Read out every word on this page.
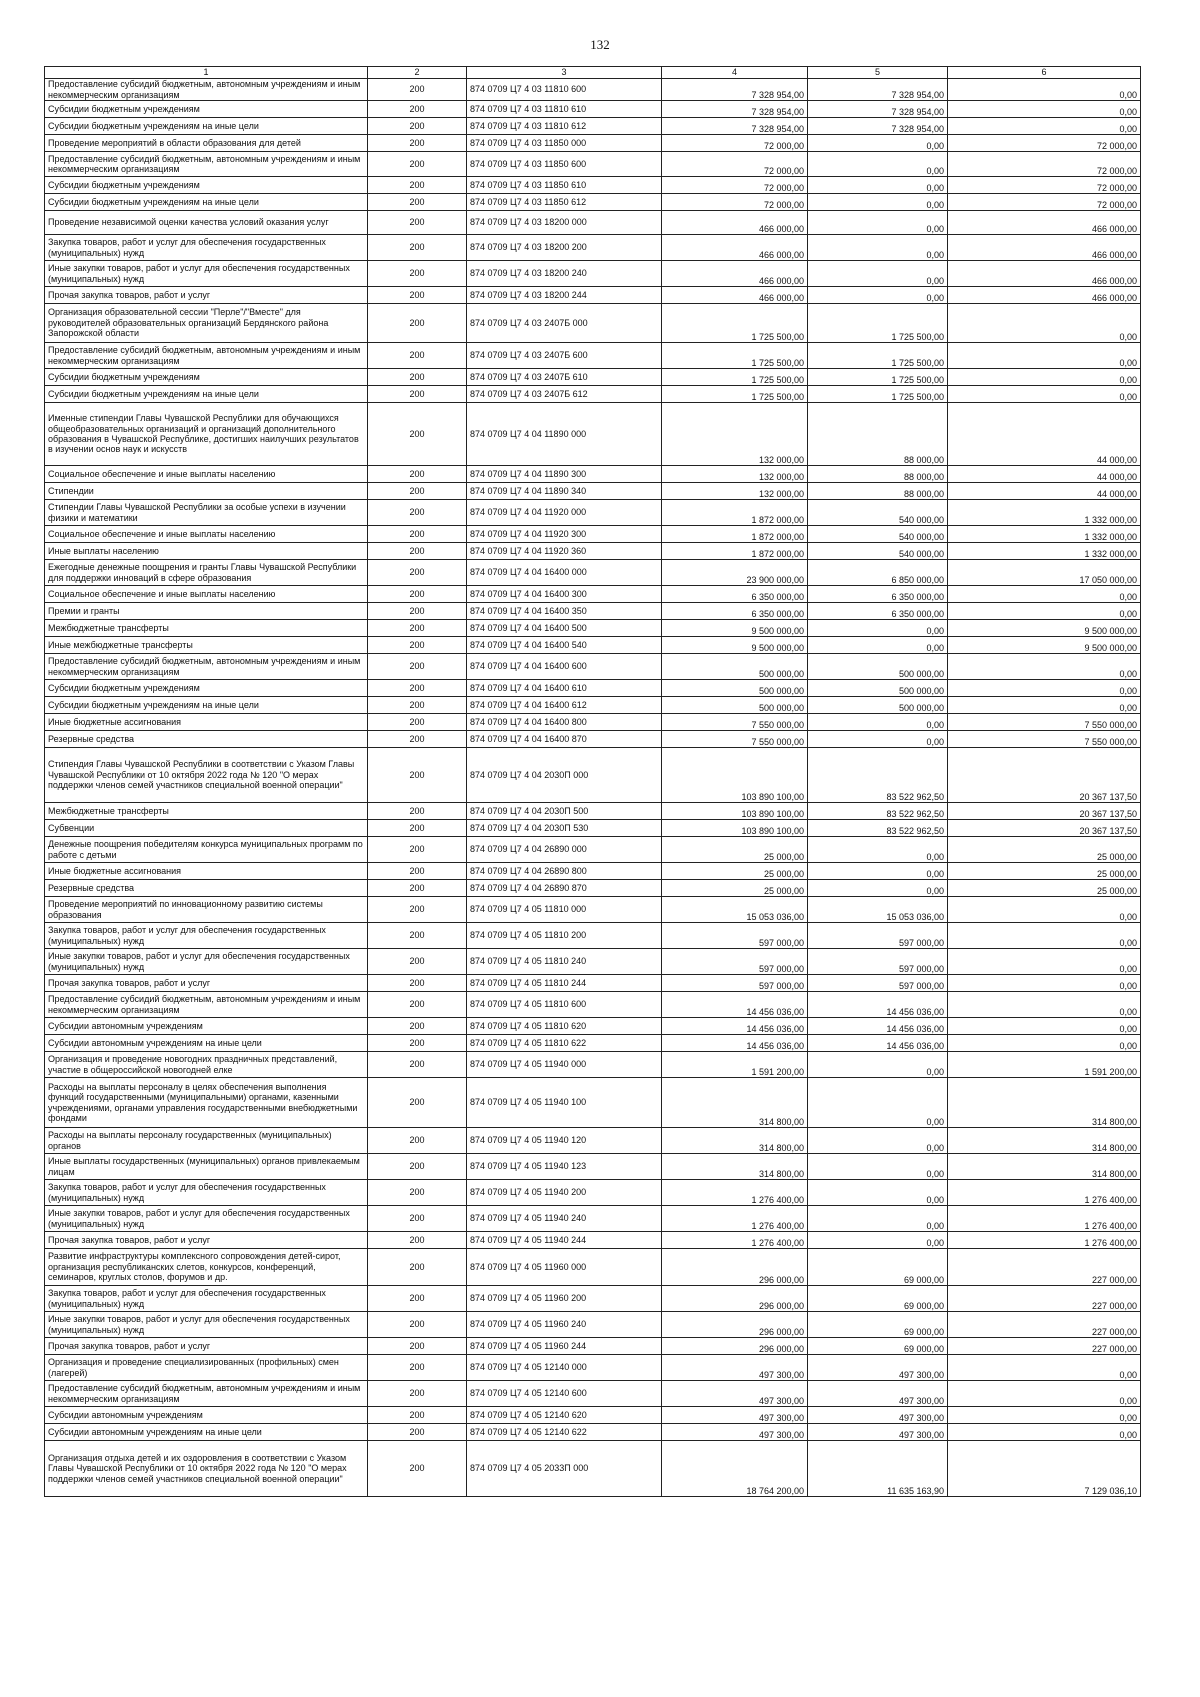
132
1	2	3	4	5	6

Предоставление субсидий бюджетным, автономным учреждениям и иным некоммерческим организациям	200	874 0709 Ц7 4 03 11810 600	7 328 954,00	7 328 954,00	0,00

Субсидии бюджетным учреждениям	200	874 0709 Ц7 4 03 11810 610	7 328 954,00	7 328 954,00	0,00

Субсидии бюджетным учреждениям на иные цели	200	874 0709 Ц7 4 03 11810 612	7 328 954,00	7 328 954,00	0,00

Проведение мероприятий в области образования для детей	200	874 0709 Ц7 4 03 11850 000	72 000,00	0,00	72 000,00

Предоставление субсидий бюджетным, автономным учреждениям и иным некоммерческим организациям	200	874 0709 Ц7 4 03 11850 600	72 000,00	0,00	72 000,00

Субсидии бюджетным учреждениям	200	874 0709 Ц7 4 03 11850 610	72 000,00	0,00	72 000,00

Субсидии бюджетным учреждениям на иные цели	200	874 0709 Ц7 4 03 11850 612	72 000,00	0,00	72 000,00

Проведение независимой оценки качества условий оказания услуг	200	874 0709 Ц7 4 03 18200 000	466 000,00	0,00	466 000,00

Закупка товаров, работ и услуг для обеспечения государственных (муниципальных) нужд	200	874 0709 Ц7 4 03 18200 200	466 000,00	0,00	466 000,00

Иные закупки товаров, работ и услуг для обеспечения государственных (муниципальных) нужд	200	874 0709 Ц7 4 03 18200 240	466 000,00	0,00	466 000,00

Прочая закупка товаров, работ и услуг	200	874 0709 Ц7 4 03 18200 244	466 000,00	0,00	466 000,00

Организация образовательной сессии "Перле"/"Вместе" для руководителей образовательных организаций Бердянского района Запорожской области	200	874 0709 Ц7 4 03 2407Б 000	1 725 500,00	1 725 500,00	0,00

Предоставление субсидий бюджетным, автономным учреждениям и иным некоммерческим организациям	200	874 0709 Ц7 4 03 2407Б 600	1 725 500,00	1 725 500,00	0,00

Субсидии бюджетным учреждениям	200	874 0709 Ц7 4 03 2407Б 610	1 725 500,00	1 725 500,00	0,00

Субсидии бюджетным учреждениям на иные цели	200	874 0709 Ц7 4 03 2407Б 612	1 725 500,00	1 725 500,00	0,00

Именные стипендии Главы Чувашской Республики для обучающихся общеобразовательных организаций и организаций дополнительного образования в Чувашской Республике, достигших наилучших результатов в изучении основ наук и искусств	200	874 0709 Ц7 4 04 11890 000	132 000,00	88 000,00	44 000,00

Социальное обеспечение и иные выплаты населению	200	874 0709 Ц7 4 04 11890 300	132 000,00	88 000,00	44 000,00

Стипендии	200	874 0709 Ц7 4 04 11890 340	132 000,00	88 000,00	44 000,00

Стипендии Главы Чувашской Республики за особые успехи в изучении физики и математики	200	874 0709 Ц7 4 04 11920 000	1 872 000,00	540 000,00	1 332 000,00

Социальное обеспечение и иные выплаты населению	200	874 0709 Ц7 4 04 11920 300	1 872 000,00	540 000,00	1 332 000,00

Иные выплаты населению	200	874 0709 Ц7 4 04 11920 360	1 872 000,00	540 000,00	1 332 000,00

Ежегодные денежные поощрения и гранты Главы Чувашской Республики для поддержки инноваций в сфере образования	200	874 0709 Ц7 4 04 16400 000	23 900 000,00	6 850 000,00	17 050 000,00

Социальное обеспечение и иные выплаты населению	200	874 0709 Ц7 4 04 16400 300	6 350 000,00	6 350 000,00	0,00

Премии и гранты	200	874 0709 Ц7 4 04 16400 350	6 350 000,00	6 350 000,00	0,00

Межбюджетные трансферты	200	874 0709 Ц7 4 04 16400 500	9 500 000,00	0,00	9 500 000,00

Иные межбюджетные трансферты	200	874 0709 Ц7 4 04 16400 540	9 500 000,00	0,00	9 500 000,00

Предоставление субсидий бюджетным, автономным учреждениям и иным некоммерческим организациям	200	874 0709 Ц7 4 04 16400 600	500 000,00	500 000,00	0,00

Субсидии бюджетным учреждениям	200	874 0709 Ц7 4 04 16400 610	500 000,00	500 000,00	0,00

Субсидии бюджетным учреждениям на иные цели	200	874 0709 Ц7 4 04 16400 612	500 000,00	500 000,00	0,00

Иные бюджетные ассигнования	200	874 0709 Ц7 4 04 16400 800	7 550 000,00	0,00	7 550 000,00

Резервные средства	200	874 0709 Ц7 4 04 16400 870	7 550 000,00	0,00	7 550 000,00

Стипендия Главы Чувашской Республики в соответствии с Указом Главы Чувашской Республики от 10 октября 2022 года № 120 "О мерах поддержки членов семей участников специальной военной операции"	200	874 0709 Ц7 4 04 2030П 000	103 890 100,00	83 522 962,50	20 367 137,50

Межбюджетные трансферты	200	874 0709 Ц7 4 04 2030П 500	103 890 100,00	83 522 962,50	20 367 137,50

Субвенции	200	874 0709 Ц7 4 04 2030П 530	103 890 100,00	83 522 962,50	20 367 137,50

Денежные поощрения победителям конкурса муниципальных программ по работе с детьми	200	874 0709 Ц7 4 04 26890 000	25 000,00	0,00	25 000,00

Иные бюджетные ассигнования	200	874 0709 Ц7 4 04 26890 800	25 000,00	0,00	25 000,00

Резервные средства	200	874 0709 Ц7 4 04 26890 870	25 000,00	0,00	25 000,00

Проведение мероприятий по инновационному развитию системы образования	200	874 0709 Ц7 4 05 11810 000	15 053 036,00	15 053 036,00	0,00

Закупка товаров, работ и услуг для обеспечения государственных (муниципальных) нужд	200	874 0709 Ц7 4 05 11810 200	597 000,00	597 000,00	0,00

Иные закупки товаров, работ и услуг для обеспечения государственных (муниципальных) нужд	200	874 0709 Ц7 4 05 11810 240	597 000,00	597 000,00	0,00

Прочая закупка товаров, работ и услуг	200	874 0709 Ц7 4 05 11810 244	597 000,00	597 000,00	0,00

Предоставление субсидий бюджетным, автономным учреждениям и иным некоммерческим организациям	200	874 0709 Ц7 4 05 11810 600	14 456 036,00	14 456 036,00	0,00

Субсидии автономным учреждениям	200	874 0709 Ц7 4 05 11810 620	14 456 036,00	14 456 036,00	0,00

Субсидии автономным учреждениям на иные цели	200	874 0709 Ц7 4 05 11810 622	14 456 036,00	14 456 036,00	0,00

Организация и проведение новогодних праздничных представлений, участие в общероссийской новогодней елке	200	874 0709 Ц7 4 05 11940 000	1 591 200,00	0,00	1 591 200,00

Расходы на выплаты персоналу в целях обеспечения выполнения функций государственными (муниципальными) органами, казенными учреждениями, органами управления государственными внебюджетными фондами	200	874 0709 Ц7 4 05 11940 100	314 800,00	0,00	314 800,00

Расходы на выплаты персоналу государственных (муниципальных) органов	200	874 0709 Ц7 4 05 11940 120	314 800,00	0,00	314 800,00

Иные выплаты государственных (муниципальных) органов привлекаемым лицам	200	874 0709 Ц7 4 05 11940 123	314 800,00	0,00	314 800,00

Закупка товаров, работ и услуг для обеспечения государственных (муниципальных) нужд	200	874 0709 Ц7 4 05 11940 200	1 276 400,00	0,00	1 276 400,00

Иные закупки товаров, работ и услуг для обеспечения государственных (муниципальных) нужд	200	874 0709 Ц7 4 05 11940 240	1 276 400,00	0,00	1 276 400,00

Прочая закупка товаров, работ и услуг	200	874 0709 Ц7 4 05 11940 244	1 276 400,00	0,00	1 276 400,00

Развитие инфраструктуры комплексного сопровождения детей-сирот, организация республиканских слетов, конкурсов, конференций, семинаров, круглых столов, форумов и др.	200	874 0709 Ц7 4 05 11960 000	296 000,00	69 000,00	227 000,00

Закупка товаров, работ и услуг для обеспечения государственных (муниципальных) нужд	200	874 0709 Ц7 4 05 11960 200	296 000,00	69 000,00	227 000,00

Иные закупки товаров, работ и услуг для обеспечения государственных (муниципальных) нужд	200	874 0709 Ц7 4 05 11960 240	296 000,00	69 000,00	227 000,00

Прочая закупка товаров, работ и услуг	200	874 0709 Ц7 4 05 11960 244	296 000,00	69 000,00	227 000,00

Организация и проведение специализированных (профильных) смен (лагерей)	200	874 0709 Ц7 4 05 12140 000	497 300,00	497 300,00	0,00

Предоставление субсидий бюджетным, автономным учреждениям и иным некоммерческим организациям	200	874 0709 Ц7 4 05 12140 600	497 300,00	497 300,00	0,00

Субсидии автономным учреждениям	200	874 0709 Ц7 4 05 12140 620	497 300,00	497 300,00	0,00

Субсидии автономным учреждениям на иные цели	200	874 0709 Ц7 4 05 12140 622	497 300,00	497 300,00	0,00

Организация отдыха детей и их оздоровления в соответствии с Указом Главы Чувашской Республики от 10 октября 2022 года № 120 "О мерах поддержки членов семей участников специальной военной операции"	200	874 0709 Ц7 4 05 2033П 000	18 764 200,00	11 635 163,90	7 129 036,10
